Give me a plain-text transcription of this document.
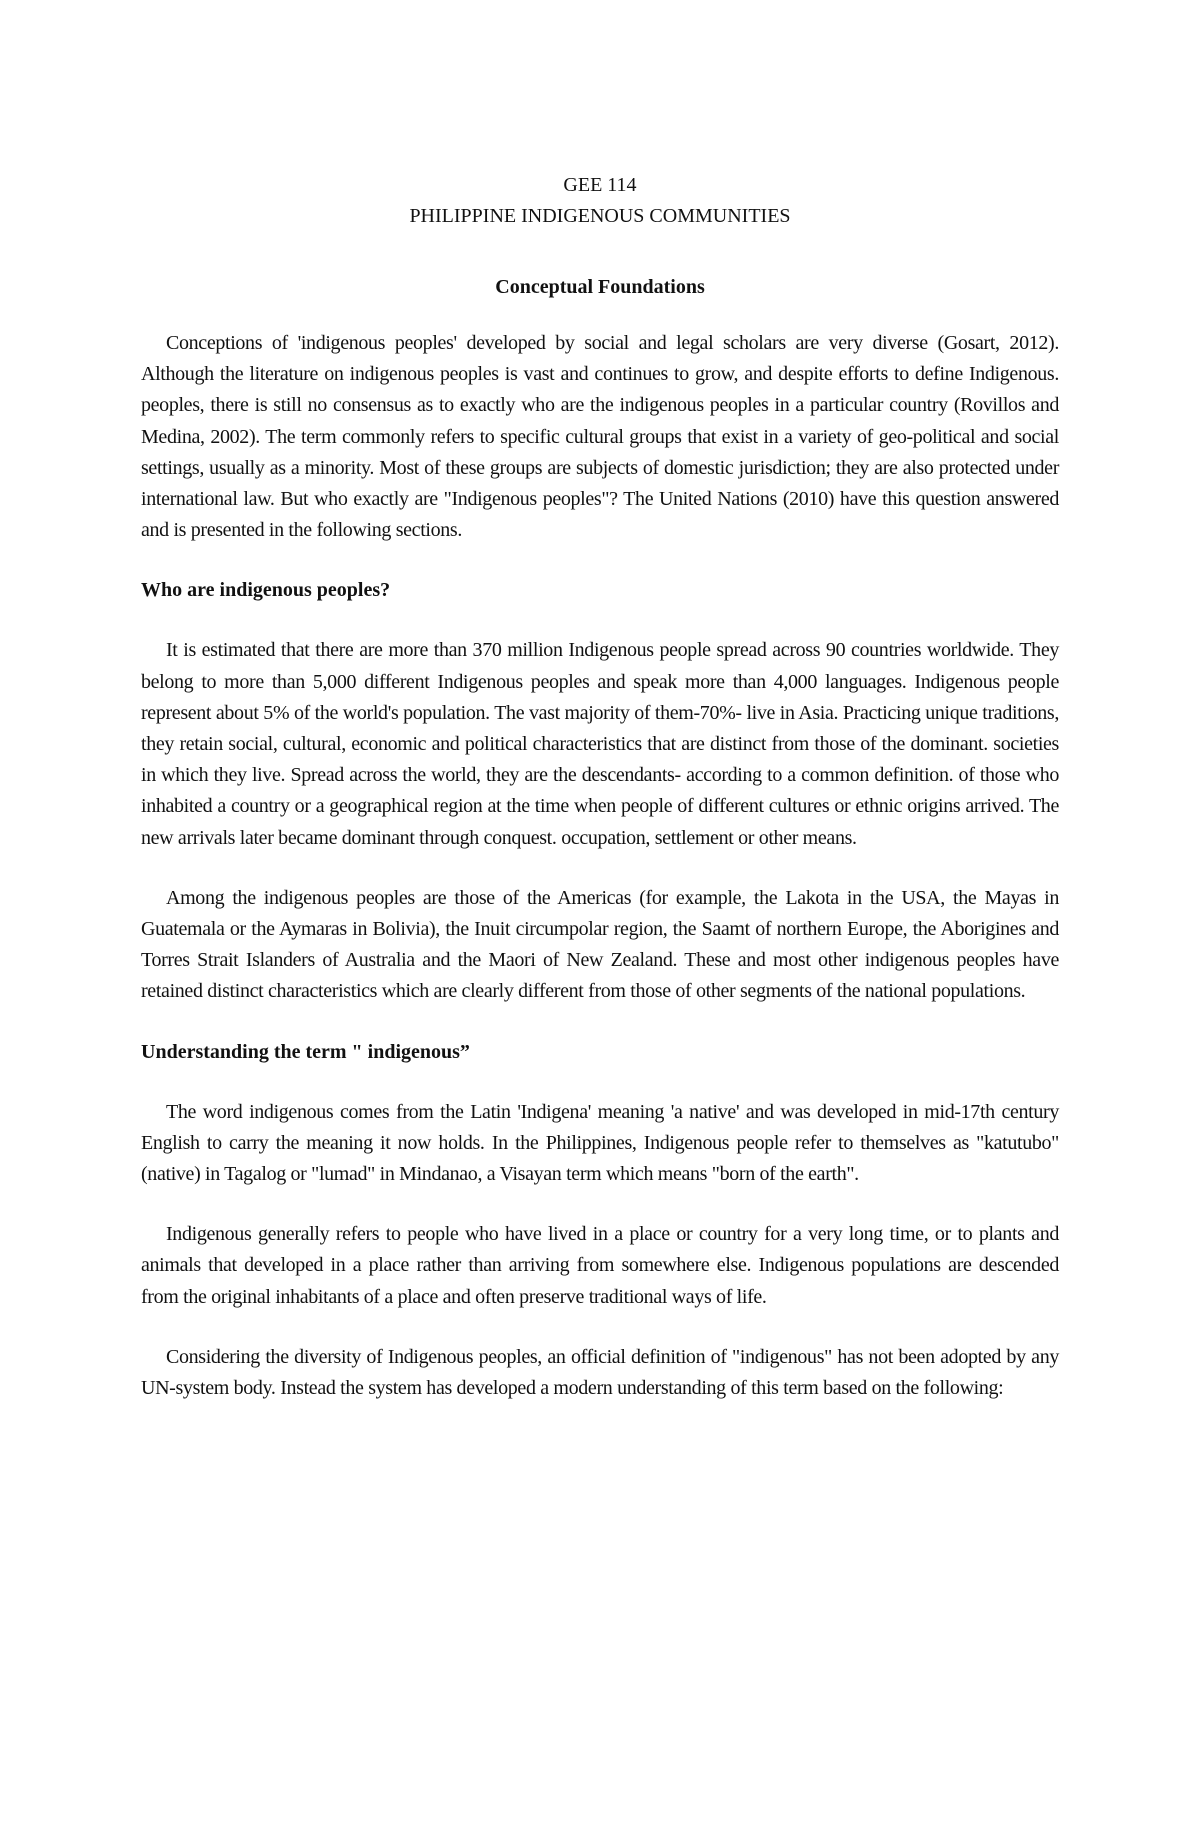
GEE 114
PHILIPPINE INDIGENOUS COMMUNITIES
Conceptual Foundations

Conceptions of 'indigenous peoples' developed by social and legal scholars are very diverse (Gosart, 2012). Although the literature on indigenous peoples is vast and continues to grow, and despite efforts to define Indigenous. peoples, there is still no consensus as to exactly who are the indigenous peoples in a particular country (Rovillos and Medina, 2002). The term commonly refers to specific cultural groups that exist in a variety of geo-political and social settings, usually as a minority. Most of these groups are subjects of domestic jurisdiction; they are also protected under international law. But who exactly are "Indigenous peoples"? The United Nations (2010) have this question answered and is presented in the following sections.

Who are indigenous peoples?

It is estimated that there are more than 370 million Indigenous people spread across 90 countries worldwide. They belong to more than 5,000 different Indigenous peoples and speak more than 4,000 languages. Indigenous people represent about 5% of the world's population. The vast majority of them-70%- live in Asia. Practicing unique traditions, they retain social, cultural, economic and political characteristics that are distinct from those of the dominant. societies in which they live. Spread across the world, they are the descendants- according to a common definition. of those who inhabited a country or a geographical region at the time when people of different cultures or ethnic origins arrived. The new arrivals later became dominant through conquest. occupation, settlement or other means.

Among the indigenous peoples are those of the Americas (for example, the Lakota in the USA, the Mayas in Guatemala or the Aymaras in Bolivia), the Inuit circumpolar region, the Saamt of northern Europe, the Aborigines and Torres Strait Islanders of Australia and the Maori of New Zealand. These and most other indigenous peoples have retained distinct characteristics which are clearly different from those of other segments of the national populations.

Understanding the term " indigenous”

The word indigenous comes from the Latin 'Indigena' meaning 'a native' and was developed in mid-17th century English to carry the meaning it now holds. In the Philippines, Indigenous people refer to themselves as "katutubo" (native) in Tagalog or "lumad" in Mindanao, a Visayan term which means "born of the earth".

Indigenous generally refers to people who have lived in a place or country for a very long time, or to plants and animals that developed in a place rather than arriving from somewhere else. Indigenous populations are descended from the original inhabitants of a place and often preserve traditional ways of life.

Considering the diversity of Indigenous peoples, an official definition of "indigenous" has not been adopted by any UN-system body. Instead the system has developed a modern understanding of this term based on the following:
